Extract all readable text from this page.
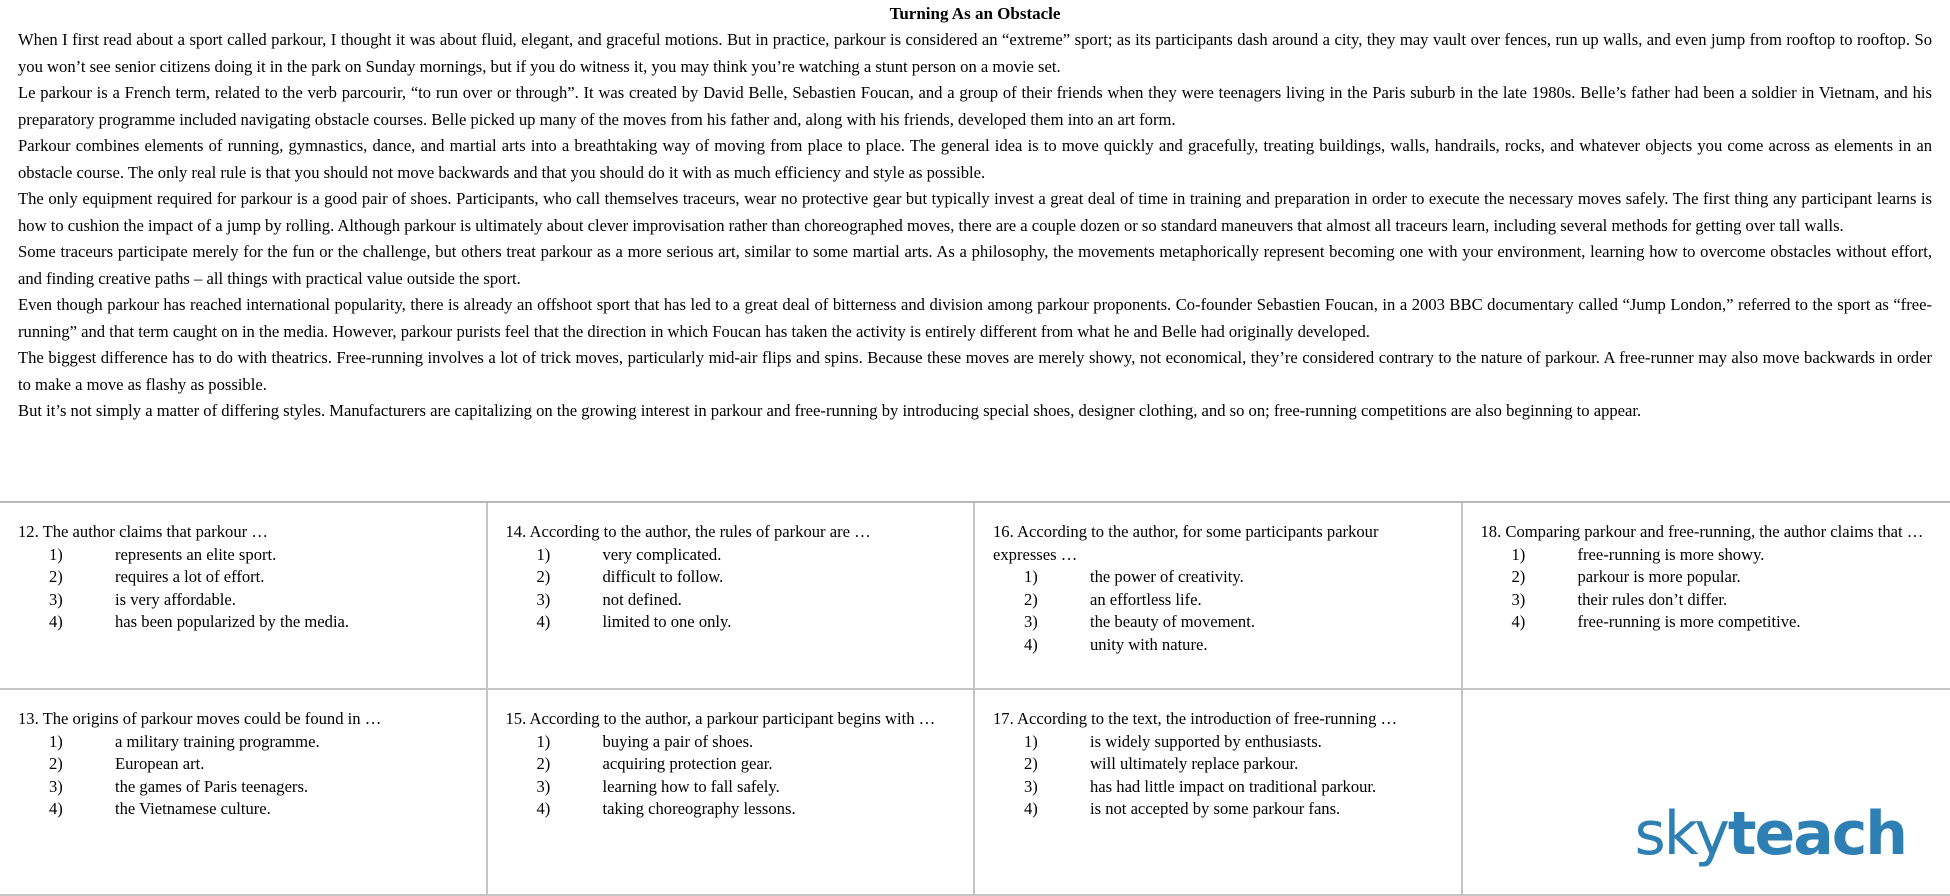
Turning As an Obstacle

When I first read about a sport called parkour, I thought it was about fluid, elegant, and graceful motions. But in practice, parkour is considered an “extreme” sport; as its participants dash around a city, they may vault over fences, run up walls, and even jump from rooftop to rooftop. So you won’t see senior citizens doing it in the park on Sunday mornings, but if you do witness it, you may think you’re watching a stunt person on a movie set.

Le parkour is a French term, related to the verb parcourir, “to run over or through”. It was created by David Belle, Sebastien Foucan, and a group of their friends when they were teenagers living in the Paris suburb in the late 1980s. Belle’s father had been a soldier in Vietnam, and his preparatory programme included navigating obstacle courses. Belle picked up many of the moves from his father and, along with his friends, developed them into an art form.

Parkour combines elements of running, gymnastics, dance, and martial arts into a breathtaking way of moving from place to place. The general idea is to move quickly and gracefully, treating buildings, walls, handrails, rocks, and whatever objects you come across as elements in an obstacle course. The only real rule is that you should not move backwards and that you should do it with as much efficiency and style as possible.

The only equipment required for parkour is a good pair of shoes. Participants, who call themselves traceurs, wear no protective gear but typically invest a great deal of time in training and preparation in order to execute the necessary moves safely. The first thing any participant learns is how to cushion the impact of a jump by rolling. Although parkour is ultimately about clever improvisation rather than choreographed moves, there are a couple dozen or so standard maneuvers that almost all traceurs learn, including several methods for getting over tall walls.

Some traceurs participate merely for the fun or the challenge, but others treat parkour as a more serious art, similar to some martial arts. As a philosophy, the movements metaphorically represent becoming one with your environment, learning how to overcome obstacles without effort, and finding creative paths – all things with practical value outside the sport.

Even though parkour has reached international popularity, there is already an offshoot sport that has led to a great deal of bitterness and division among parkour proponents. Co-founder Sebastien Foucan, in a 2003 BBC documentary called “Jump London,” referred to the sport as “free-running” and that term caught on in the media. However, parkour purists feel that the direction in which Foucan has taken the activity is entirely different from what he and Belle had originally developed.

The biggest difference has to do with theatrics. Free-running involves a lot of trick moves, particularly mid-air flips and spins. Because these moves are merely showy, not economical, they’re considered contrary to the nature of parkour. A free-runner may also move backwards in order to make a move as flashy as possible.

But it’s not simply a matter of differing styles. Manufacturers are capitalizing on the growing interest in parkour and free-running by introducing special shoes, designer clothing, and so on; free-running competitions are also beginning to appear.

12. The author claims that parkour …

1)	represents an elite sport.
2)	requires a lot of effort.
3)	is very affordable.
4)	has been popularized by the media.

14. According to the author, the rules of parkour are …

1)	very complicated.
2)	difficult to follow.
3)	not defined.
4)	limited to one only.

16. According to the author, for some participants parkour expresses …

1)	the power of creativity.
2)	an effortless life.
3)	the beauty of movement.
4)	unity with nature.

18. Comparing parkour and free-running, the author claims that …

1)	free-running is more showy.
2)	parkour is more popular.
3)	their rules don’t differ.
4)	free-running is more competitive.

13. The origins of parkour moves could be found in …

1)	a military training programme.
2)	European art.
3)	the games of Paris teenagers.
4)	the Vietnamese culture.

15. According to the author, a parkour participant begins with …

1)	buying a pair of shoes.
2)	acquiring protection gear.
3)	learning how to fall safely.
4)	taking choreography lessons.

17. According to the text, the introduction of free-running …

1)	is widely supported by enthusiasts.
2)	will ultimately replace parkour.
3)	has had little impact on traditional parkour.
4)	is not accepted by some parkour fans.	skyteach
